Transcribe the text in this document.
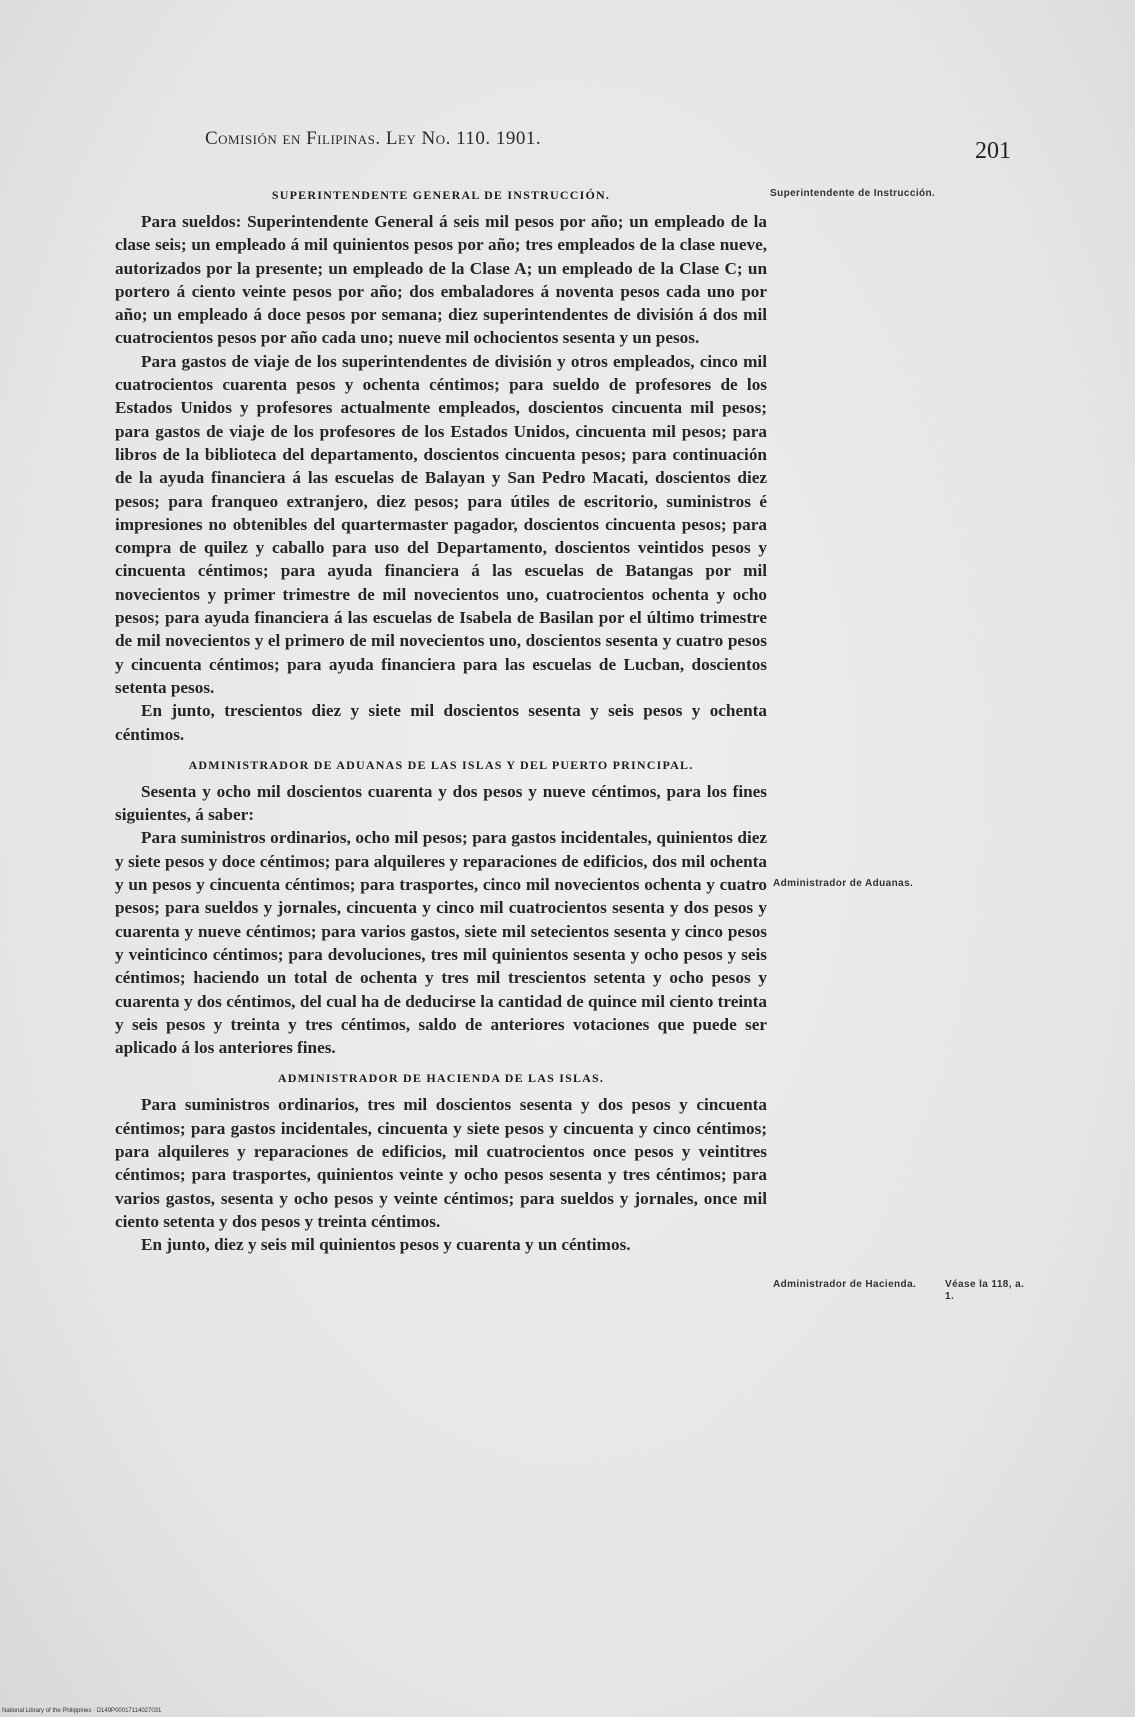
Comisión en Filipinas. Ley No. 110. 1901.	201
Superintendente de Instrucción.
Administrador de Aduanas.
Administrador de Hacienda.	Véase la 118, a. 1.
SUPERINTENDENTE GENERAL DE INSTRUCCIÓN.

Para sueldos: Superintendente General á seis mil pesos por año; un empleado de la clase seis; un empleado á mil quinientos pesos por año; tres empleados de la clase nueve, autorizados por la presente; un empleado de la Clase A; un empleado de la Clase C; un portero á ciento veinte pesos por año; dos embaladores á noventa pesos cada uno por año; un empleado á doce pesos por semana; diez superintendentes de división á dos mil cuatrocientos pesos por año cada uno; nueve mil ochocientos sesenta y un pesos.

Para gastos de viaje de los superintendentes de división y otros empleados, cinco mil cuatrocientos cuarenta pesos y ochenta céntimos; para sueldo de profesores de los Estados Unidos y profesores actualmente empleados, doscientos cincuenta mil pesos; para gastos de viaje de los profesores de los Estados Unidos, cincuenta mil pesos; para libros de la biblioteca del departamento, doscientos cincuenta pesos; para continuación de la ayuda financiera á las escuelas de Balayan y San Pedro Macati, doscientos diez pesos; para franqueo extranjero, diez pesos; para útiles de escritorio, suministros é impresiones no obtenibles del quartermaster pagador, doscientos cincuenta pesos; para compra de quilez y caballo para uso del Departamento, doscientos veintidos pesos y cincuenta céntimos; para ayuda financiera á las escuelas de Batangas por mil novecientos y primer trimestre de mil novecientos uno, cuatrocientos ochenta y ocho pesos; para ayuda financiera á las escuelas de Isabela de Basilan por el último trimestre de mil novecientos y el primero de mil novecientos uno, doscientos sesenta y cuatro pesos y cincuenta céntimos; para ayuda financiera para las escuelas de Lucban, doscientos setenta pesos.

En junto, trescientos diez y siete mil doscientos sesenta y seis pesos y ochenta céntimos.

ADMINISTRADOR DE ADUANAS DE LAS ISLAS Y DEL PUERTO PRINCIPAL.

Sesenta y ocho mil doscientos cuarenta y dos pesos y nueve céntimos, para los fines siguientes, á saber:

Para suministros ordinarios, ocho mil pesos; para gastos incidentales, quinientos diez y siete pesos y doce céntimos; para alquileres y reparaciones de edificios, dos mil ochenta y un pesos y cincuenta céntimos; para trasportes, cinco mil novecientos ochenta y cuatro pesos; para sueldos y jornales, cincuenta y cinco mil cuatrocientos sesenta y dos pesos y cuarenta y nueve céntimos; para varios gastos, siete mil setecientos sesenta y cinco pesos y veinticinco céntimos; para devoluciones, tres mil quinientos sesenta y ocho pesos y seis céntimos; haciendo un total de ochenta y tres mil trescientos setenta y ocho pesos y cuarenta y dos céntimos, del cual ha de deducirse la cantidad de quince mil ciento treinta y seis pesos y treinta y tres céntimos, saldo de anteriores votaciones que puede ser aplicado á los anteriores fines.

ADMINISTRADOR DE HACIENDA DE LAS ISLAS.

Para suministros ordinarios, tres mil doscientos sesenta y dos pesos y cincuenta céntimos; para gastos incidentales, cincuenta y siete pesos y cincuenta y cinco céntimos; para alquileres y reparaciones de edificios, mil cuatrocientos once pesos y veintitres céntimos; para trasportes, quinientos veinte y ocho pesos sesenta y tres céntimos; para varios gastos, sesenta y ocho pesos y veinte céntimos; para sueldos y jornales, once mil ciento setenta y dos pesos y treinta céntimos.

En junto, diez y seis mil quinientos pesos y cuarenta y un céntimos.

National Library of the Philippines · D149P00017114027031
